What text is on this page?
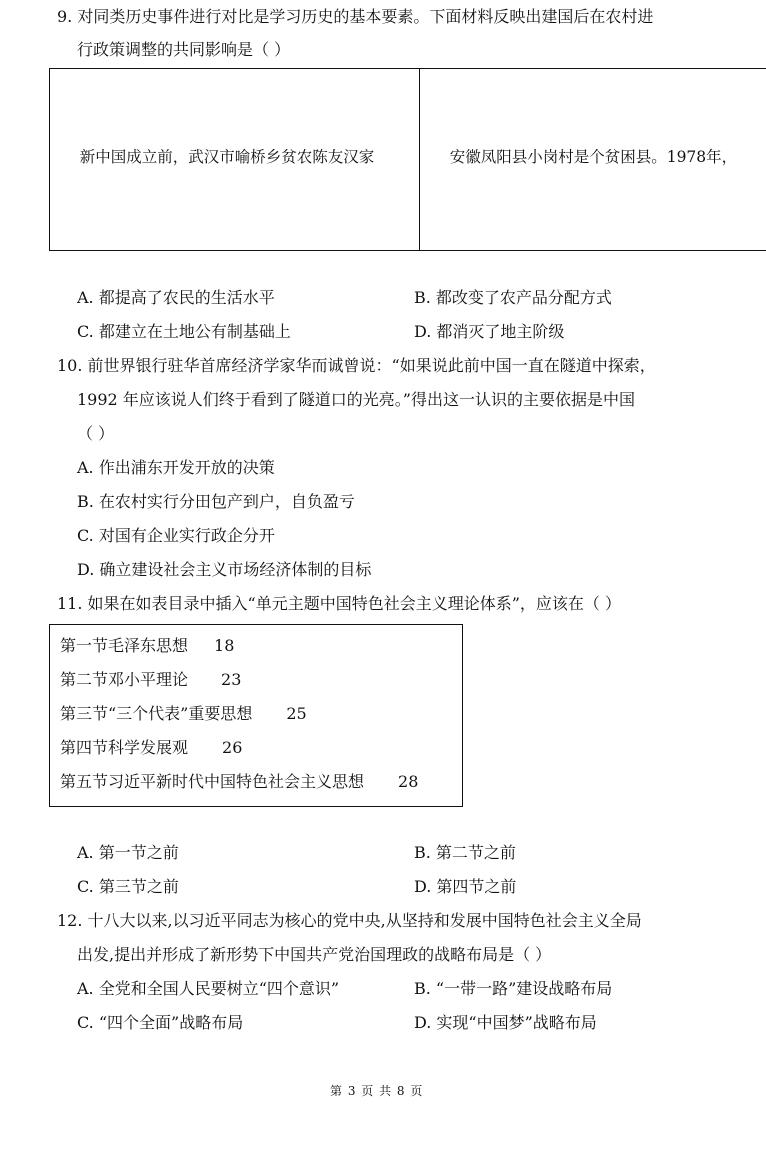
9. 对同类历史事件进行对比是学习历史的基本要素。下面材料反映出建国后在农村进
行政策调整的共同影响是（ ）

新中国成立前，武汉市喻桥乡贫农陈友汉家

	安徽凤阳县小岗村是个贫困县。1978年，

A. 都提高了农民的生活水平	B. 都改变了农产品分配方式
C. 都建立在土地公有制基础上	D. 都消灭了地主阶级
10. 前世界银行驻华首席经济学家华而诚曾说：“如果说此前中国一直在隧道中探索，
1992 年应该说人们终于看到了隧道口的光亮。”得出这一认识的主要依据是中国
（ ）
A. 作出浦东开发开放的决策
B. 在农村实行分田包产到户，自负盈亏
C. 对国有企业实行政企分开
D. 确立建设社会主义市场经济体制的目标
11. 如果在如表目录中插入“单元主题中国特色社会主义理论体系”，应该在（ ）
第一节毛泽东思想 18
第二节邓小平理论 23
第三节“三个代表”重要思想 25
第四节科学发展观 26
第五节习近平新时代中国特色社会主义思想 28
A. 第一节之前	B. 第二节之前
C. 第三节之前	D. 第四节之前
12. 十八大以来,以习近平同志为核心的党中央,从坚持和发展中国特色社会主义全局
出发,提出并形成了新形势下中国共产党治国理政的战略布局是（ ）
A. 全党和全国人民要树立“四个意识”	B. “一带一路”建设战略布局
C. “四个全面”战略布局	D. 实现“中国梦”战略布局
第 3 页 共 8 页
